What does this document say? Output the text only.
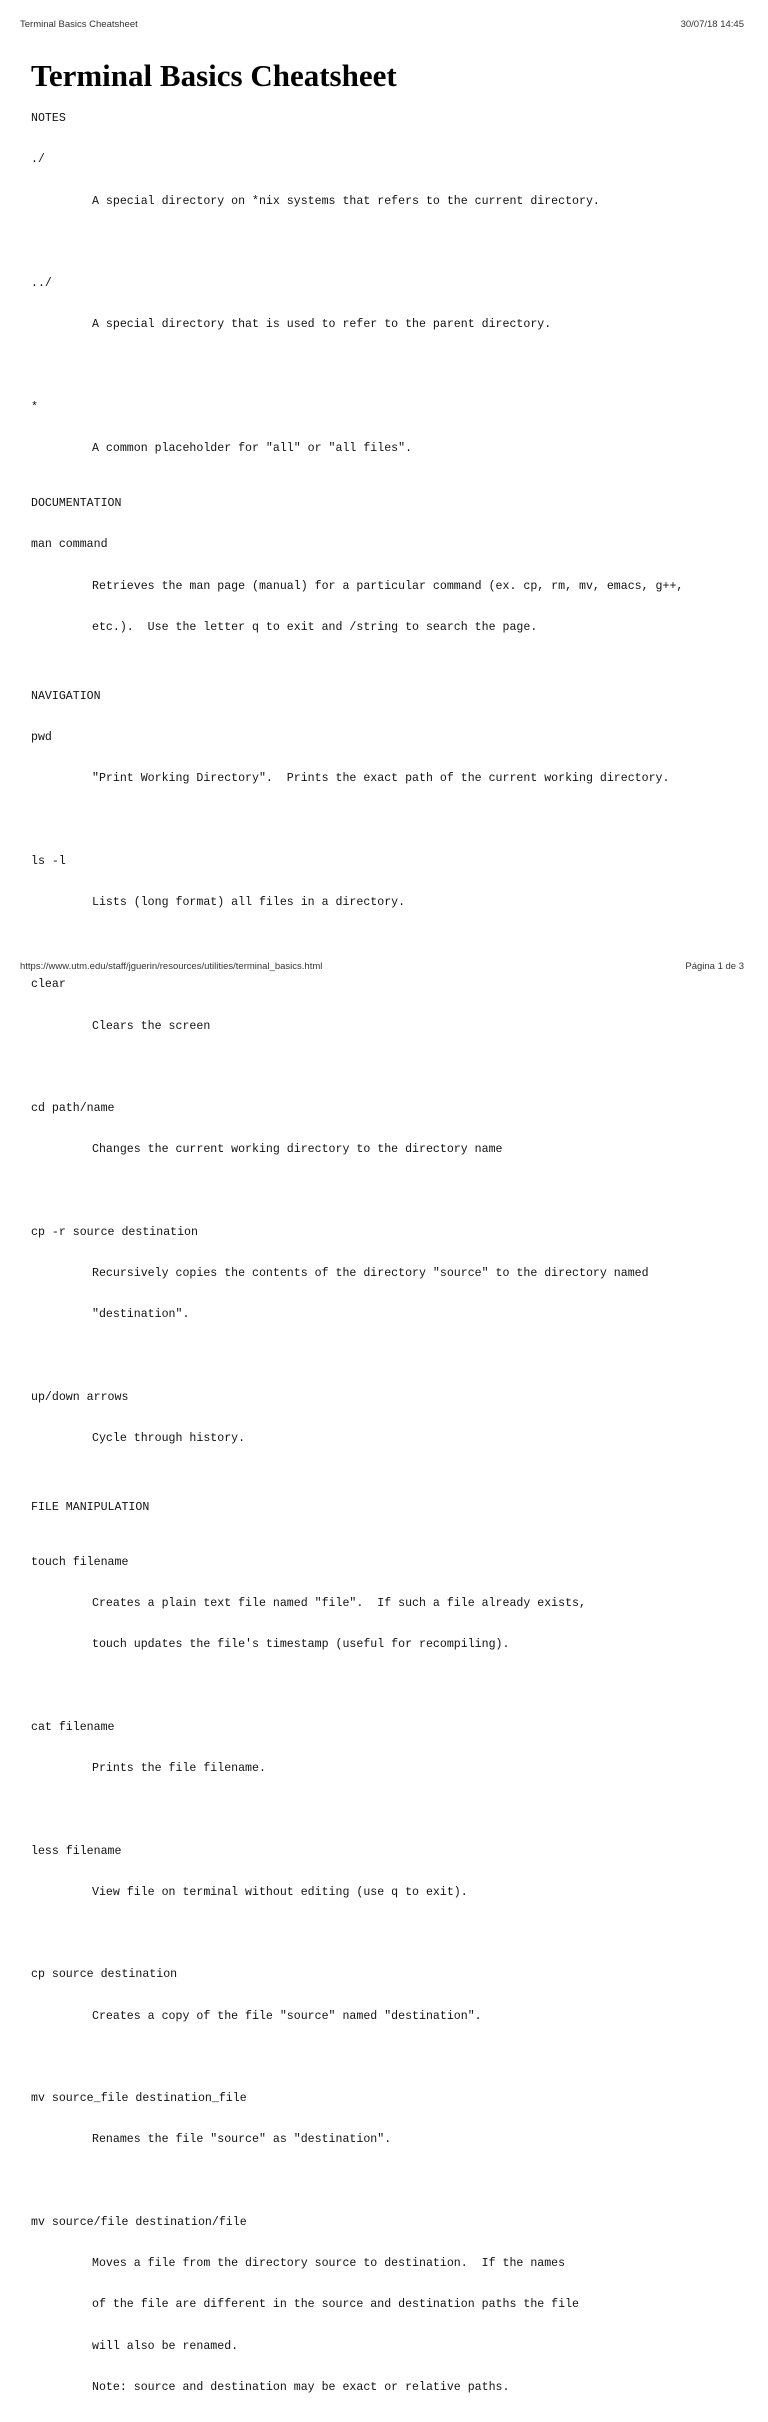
Terminal Basics Cheatsheet	30/07/18 14:45
Terminal Basics Cheatsheet
NOTES

./

A special directory on *nix systems that refers to the current directory.

../

A special directory that is used to refer to the parent directory.

*

A common placeholder for "all" or "all files".

DOCUMENTATION

man command

Retrieves the man page (manual) for a particular command (ex. cp, rm, mv, emacs, g++,

etc.).  Use the letter q to exit and /string to search the page.

NAVIGATION

pwd

"Print Working Directory".  Prints the exact path of the current working directory.

ls -l

Lists (long format) all files in a directory.

clear

Clears the screen

cd path/name

Changes the current working directory to the directory name

cp -r source destination

Recursively copies the contents of the directory "source" to the directory named

"destination".

up/down arrows

Cycle through history.

FILE MANIPULATION

touch filename

Creates a plain text file named "file".  If such a file already exists,

touch updates the file's timestamp (useful for recompiling).

cat filename

Prints the file filename.

less filename

View file on terminal without editing (use q to exit).

cp source destination

Creates a copy of the file "source" named "destination".

mv source_file destination_file

Renames the file "source" as "destination".

mv source/file destination/file

Moves a file from the directory source to destination.  If the names

of the file are different in the source and destination paths the file

will also be renamed.

Note: source and destination may be exact or relative paths.

https://www.utm.edu/staff/jguerin/resources/utilities/terminal_basics.html	Página 1 de 3
